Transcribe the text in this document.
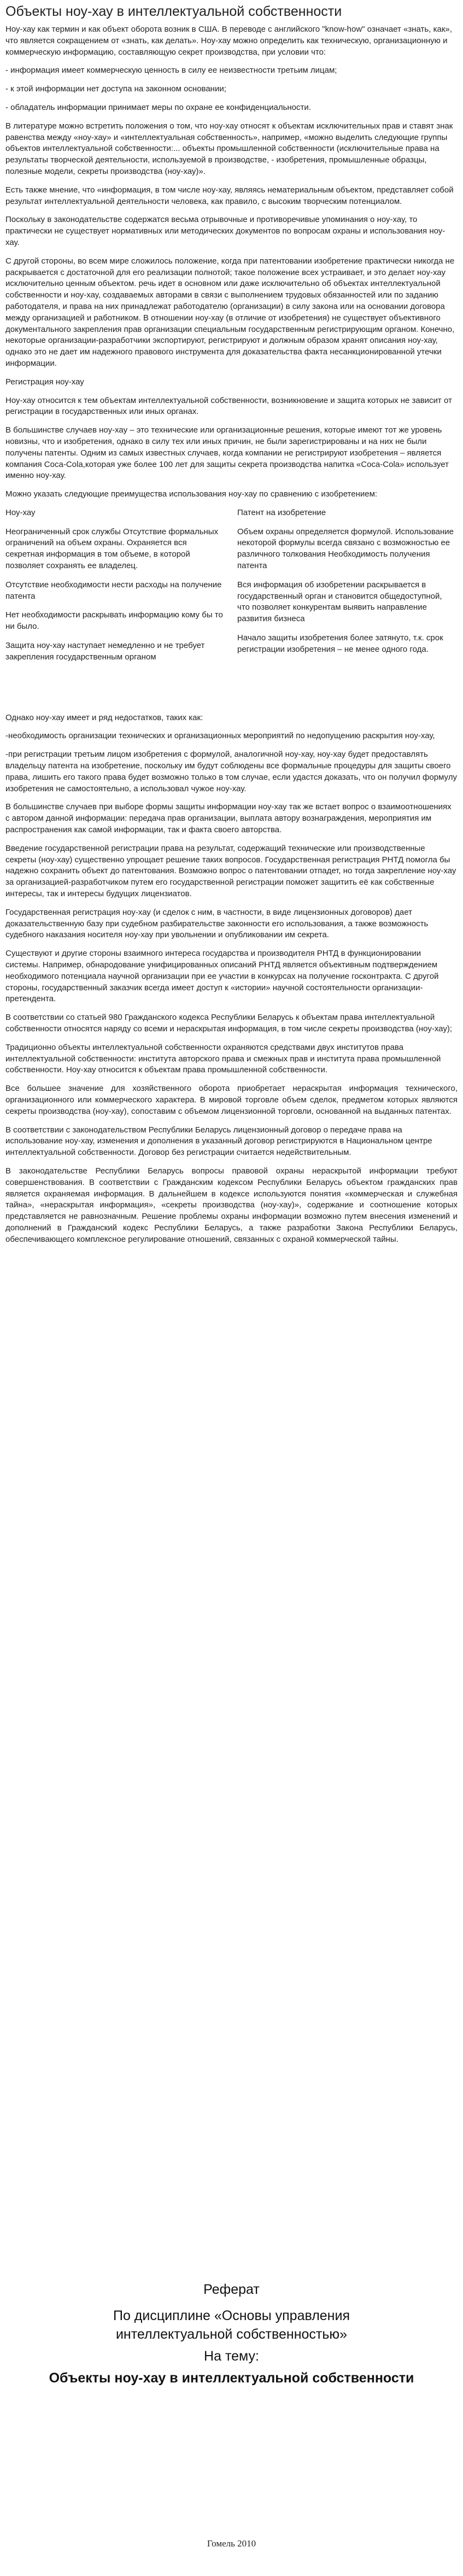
Объекты ноу-хау в интеллектуальной собственности

Ноу-хау как термин и как объект оборота возник в США. В переводе с английского "know-how" означает «знать, как», что является сокращением от «знать, как делать». Ноу-хау можно определить как техническую, организационную и коммерческую информацию, составляющую секрет производства, при условии что:

- информация имеет коммерческую ценность в силу ее неизвестности третьим лицам;

- к этой информации нет доступа на законном основании;

- обладатель информации принимает меры по охране ее конфиденциальности.

В литературе можно встретить положения о том, что ноу-хау относят к объектам исключительных прав и ставят знак равенства между «ноу-хау» и «интеллектуальная собственность», например, «можно выделить следующие группы объектов интеллектуальной собственности:... объекты промышленной собственности (исключительные права на результаты творческой деятельности, используемой в производстве, - изобретения, промышленные образцы, полезные модели, секреты производства (ноу-хау)».

Есть также мнение, что «информация, в том числе ноу-хау, являясь нематериальным объектом, представляет собой результат интеллектуальной деятельности человека, как правило, с высоким творческим потенциалом.

Поскольку в законодательстве содержатся весьма отрывочные и противоречивые упоминания о ноу-хау, то практически не существует нормативных или методических документов по вопросам охраны и использования ноу-хау.

С другой стороны, во всем мире сложилось положение, когда при патентовании изобретение практически никогда не раскрывается с достаточной для его реализации полнотой; такое положение всех устраивает, и это делает ноу-хау исключительно ценным объектом. речь идет в основном или даже исключительно об объектах интеллектуальной собственности и ноу-хау, создаваемых авторами в связи с выполнением трудовых обязанностей или по заданию работодателя, и права на них принадлежат работодателю (организации) в силу закона или на основании договора между организацией и работником. В отношении ноу-хау (в отличие от изобретения) не существует объективного документального закрепления прав организации специальным государственным регистрирующим органом. Конечно, некоторые организации-разработчики экспортируют, регистрируют и должным образом хранят описания ноу-хау, однако это не дает им надежного правового инструмента для доказательства факта несанкционированной утечки информации.

Регистрация ноу-хау

Ноу-хау относится к тем объектам интеллектуальной собственности, возникновение и защита которых не зависит от регистрации в государственных или иных органах.

В большинстве случаев ноу-хау – это технические или организационные решения, которые имеют тот же уровень новизны, что и изобретения, однако в силу тех или иных причин, не были зарегистрированы и на них не были получены патенты. Одним из самых известных случаев, когда компании не регистрируют изобретения – является компания Coca-Cola,которая уже более 100 лет для защиты секрета производства напитка «Coca-Cola» использует именно ноу-хау.

Можно указать следующие преимущества использования ноу-хау по сравнению с изобретением:

Ноу-хау
Неограниченный срок службы Отсутствие формальных ограничений на объем охраны. Охраняется вся секретная информация в том объеме, в которой позволяет сохранять ее владелец.
Отсутствие необходимости нести расходы на получение патента
Нет необходимости раскрывать информацию кому бы то ни было.
Защита ноу-хау наступает немедленно и не требует закрепления государственным органом
Патент на изобретение
Объем охраны определяется формулой. Использование некоторой формулы всегда связано с возможностью ее различного толкования Необходимость получения патента
Вся информация об изобретении раскрывается в государственный орган и становится общедоступной, что позволяет конкурентам выявить направление развития бизнеса
Начало защиты изобретения более затянуто, т.к. срок регистрации изобретения – не менее одного года.

Однако ноу-хау имеет и ряд недостатков, таких как:

-необходимость организации технических и организационных мероприятий по недопущению раскрытия ноу-хау,

-при регистрации третьим лицом изобретения с формулой, аналогичной ноу-хау, ноу-хау будет предоставлять владельцу патента на изобретение, поскольку им будут соблюдены все формальные процедуры для защиты своего права, лишить его такого права будет возможно только в том случае, если удастся доказать, что он получил формулу изобретения не самостоятельно, а использовал чужое ноу-хау.

В большинстве случаев при выборе формы защиты информации ноу-хау так же встает вопрос о взаимоотношениях с автором данной информации: передача прав организации, выплата автору вознаграждения, мероприятия им распространения как самой информации, так и факта своего авторства.

Введение государственной регистрации права на результат, содержащий технические или производственные секреты (ноу-хау) существенно упрощает решение таких вопросов. Государственная регистрация РНТД помогла бы надежно сохранить объект до патентования. Возможно вопрос о патентовании отпадет, но тогда закрепление ноу-хау за организацией-разработчиком путем его государственной регистрации поможет защитить её как собственные интересы, так и интересы будущих лицензиатов.

Государственная регистрация ноу-хау (и сделок с ним, в частности, в виде лицензионных договоров) дает доказательственную базу при судебном разбирательстве законности его использования, а также возможность судебного наказания носителя ноу-хау при увольнении и опубликовании им секрета.

Существуют и другие стороны взаимного интереса государства и производителя РНТД в функционировании системы. Например, обнародование унифицированных описаний РНТД является объективным подтверждением необходимого потенциала научной организации при ее участии в конкурсах на получение госконтракта. С другой стороны, государственный заказчик всегда имеет доступ к «истории» научной состоятельности организации-претендента.

В соответствии со статьей 980 Гражданского кодекса Республики Беларусь к объектам права интеллектуальной собственности относятся наряду со всеми и нераскрытая информация, в том числе секреты производства (ноу-хау);

Традиционно объекты интеллектуальной собственности охраняются средствами двух институтов права интеллектуальной собственности: института авторского права и смежных прав и института права промышленной собственности. Ноу-хау относится к объектам права промышленной собственности.

Все большее значение для хозяйственного оборота приобретает нераскрытая информация технического, организационного или коммерческого характера. В мировой торговле объем сделок, предметом которых являются секреты производства (ноу-хау), сопоставим с объемом лицензионной торговли, основанной на выданных патентах.

В соответствии с законодательством Республики Беларусь лицензионный договор о передаче права на использование ноу-хау, изменения и дополнения в указанный договор регистрируются в Национальном центре интеллектуальной собственности. Договор без регистрации считается недействительным.

В законодательстве Республики Беларусь вопросы правовой охраны нераскрытой информации требуют совершенствования. В соответствии с Гражданским кодексом Республики Беларусь объектом гражданских прав является охраняемая информация. В дальнейшем в кодексе используются понятия «коммерческая и служебная тайна», «нераскрытая информация», «секреты производства (ноу-хау)», содержание и соотношение которых представляется не равнозначным. Решение проблемы охраны информации возможно путем внесения изменений и дополнений в Гражданский кодекс Республики Беларусь, а также разработки Закона Республики Беларусь, обеспечивающего комплексное регулирование отношений, связанных с охраной коммерческой тайны.

Реферат
По дисциплине «Основы управления интеллектуальной собственностью»
На тему:
Объекты ноу-хау в интеллектуальной собственности
Гомель 2010
